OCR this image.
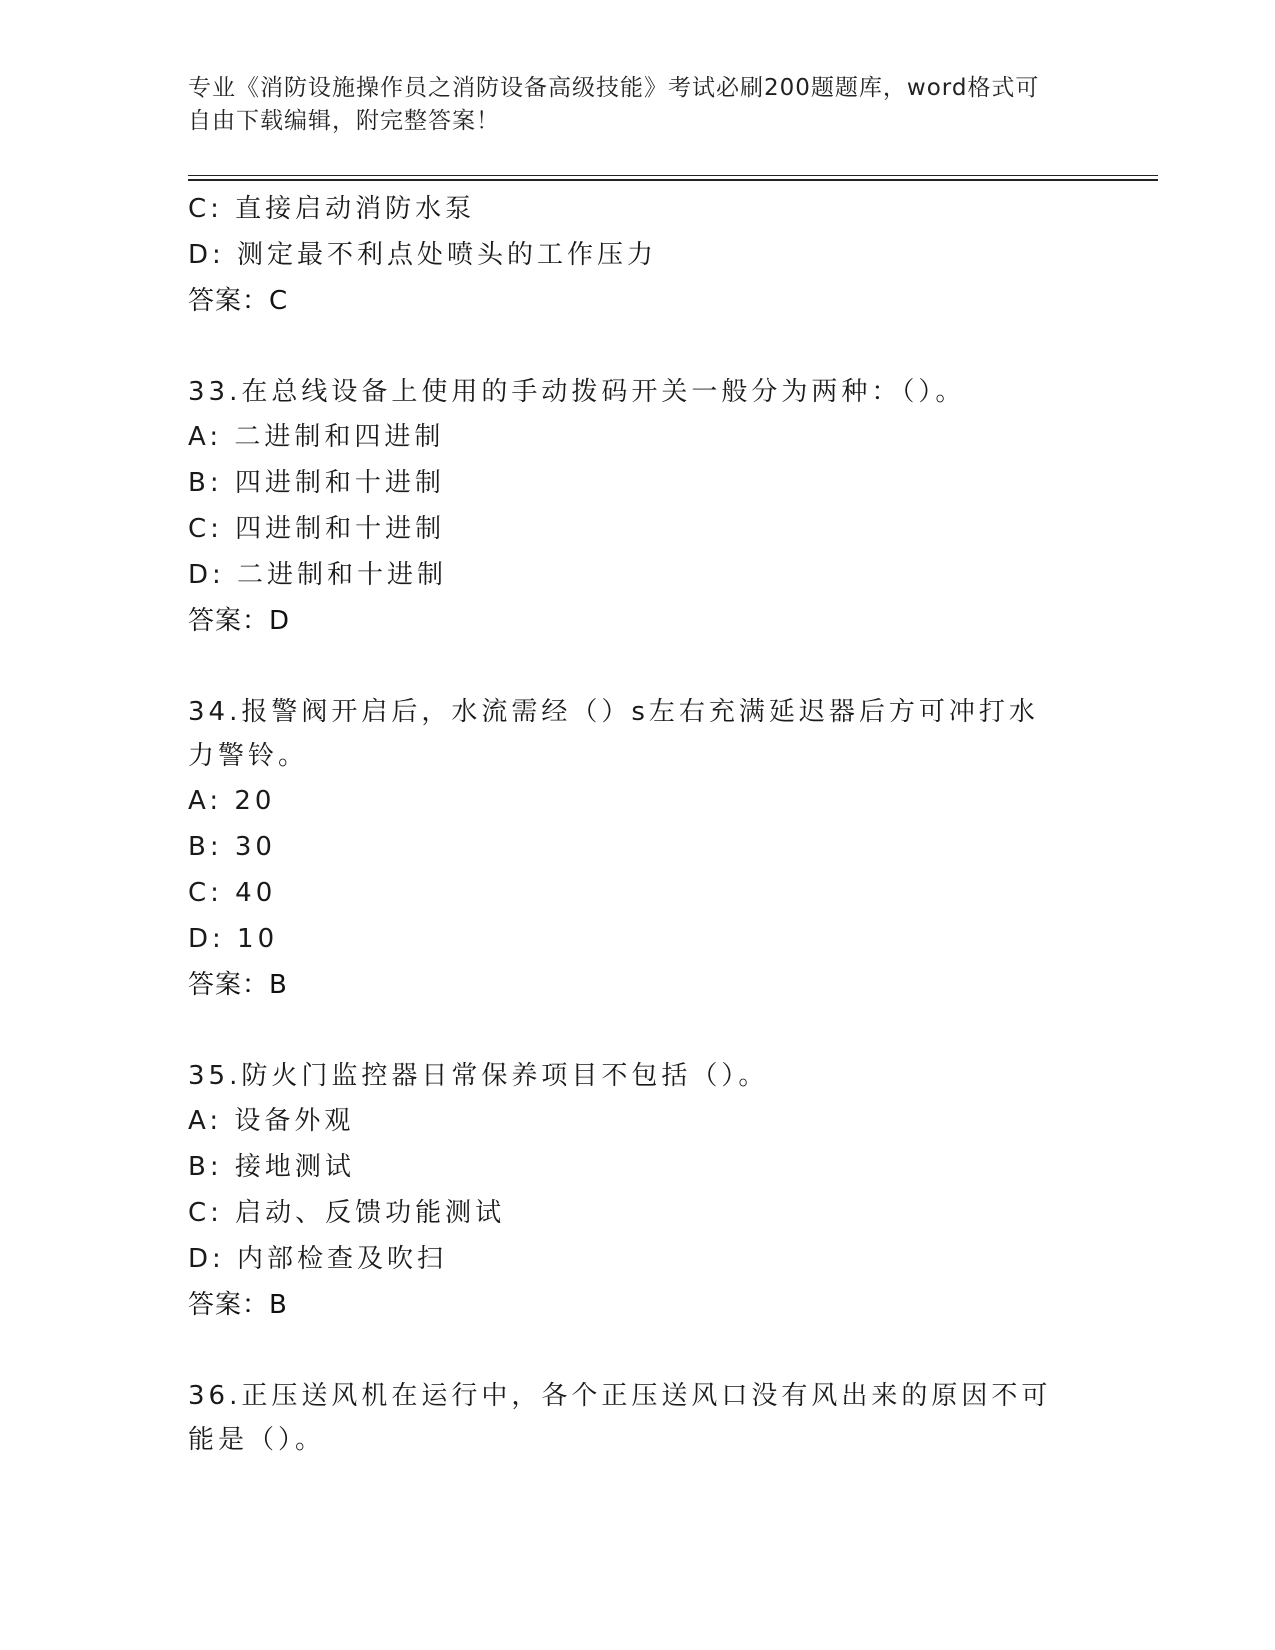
专业《消防设施操作员之消防设备高级技能》考试必刷200题题库，word格式可
自由下载编辑，附完整答案！
C: 直接启动消防水泵
D: 测定最不利点处喷头的工作压力
答案：C
33.在总线设备上使用的手动拨码开关一般分为两种：（）。
A: 二进制和四进制
B: 四进制和十进制
C: 四进制和十进制
D: 二进制和十进制
答案：D
34.报警阀开启后，水流需经（）s左右充满延迟器后方可冲打水力警铃。
A: 20
B: 30
C: 40
D: 10
答案：B
35.防火门监控器日常保养项目不包括（）。
A: 设备外观
B: 接地测试
C: 启动、反馈功能测试
D: 内部检查及吹扫
答案：B
36.正压送风机在运行中，各个正压送风口没有风出来的原因不可能是（）。
